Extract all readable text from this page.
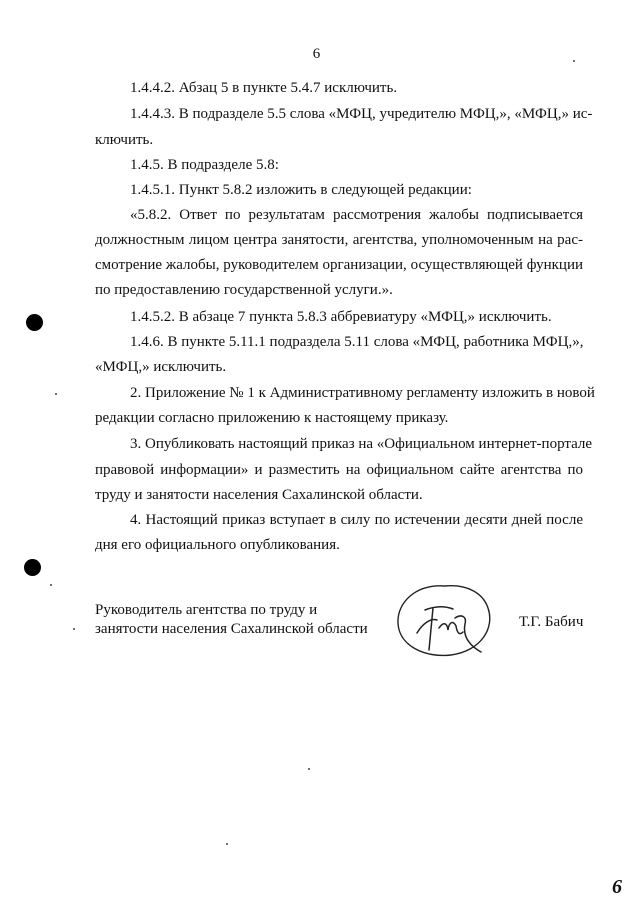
6
1.4.4.2. Абзац 5 в пункте 5.4.7 исключить.
1.4.4.3. В подразделе 5.5 слова «МФЦ, учредителю МФЦ,», «МФЦ,» ис-
ключить.
1.4.5. В подразделе 5.8:
1.4.5.1. Пункт 5.8.2 изложить в следующей редакции:
«5.8.2. Ответ по результатам рассмотрения жалобы подписывается
должностным лицом центра занятости, агентства, уполномоченным на рас-
смотрение жалобы, руководителем организации, осуществляющей функции
по предоставлению государственной услуги.».
1.4.5.2. В абзаце 7 пункта 5.8.3 аббревиатуру «МФЦ,» исключить.
1.4.6. В пункте 5.11.1 подраздела 5.11 слова «МФЦ, работника МФЦ,»,
«МФЦ,» исключить.
2. Приложение № 1 к Административному регламенту изложить в новой
редакции согласно приложению к настоящему приказу.
3. Опубликовать настоящий приказ на «Официальном интернет-портале
правовой информации» и разместить на официальном сайте агентства по
труду и занятости населения Сахалинской области.
4. Настоящий приказ вступает в силу по истечении десяти дней после
дня его официального опубликования.
Руководитель агентства по труду и
занятости населения Сахалинской области	Т.Г. Бабич
6
